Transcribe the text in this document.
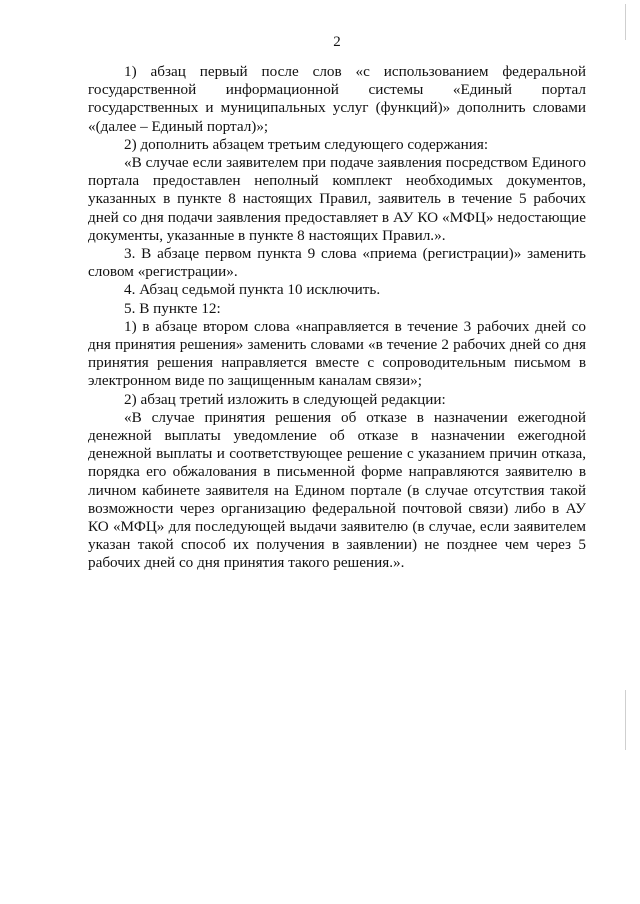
2

1) абзац первый после слов «с использованием федеральной государственной информационной системы «Единый портал государственных и муниципальных услуг (функций)» дополнить словами «(далее – Единый портал)»;

2) дополнить абзацем третьим следующего содержания:

«В случае если заявителем при подаче заявления посредством Единого портала предоставлен неполный комплект необходимых документов, указанных в пункте 8 настоящих Правил, заявитель в течение 5 рабочих дней со дня подачи заявления предоставляет в АУ КО «МФЦ» недостающие документы, указанные в пункте 8 настоящих Правил.».

3. В абзаце первом пункта 9 слова «приема (регистрации)» заменить словом «регистрации».

4. Абзац седьмой пункта 10 исключить.

5. В пункте 12:

1) в абзаце втором слова «направляется в течение 3 рабочих дней со дня принятия решения» заменить словами «в течение 2 рабочих дней со дня принятия решения направляется вместе с сопроводительным письмом в электронном виде по защищенным каналам связи»;

2) абзац третий изложить в следующей редакции:

«В случае принятия решения об отказе в назначении ежегодной денежной выплаты уведомление об отказе в назначении ежегодной денежной выплаты и соответствующее решение с указанием причин отказа, порядка его обжалования в письменной форме направляются заявителю в личном кабинете заявителя на Едином портале (в случае отсутствия такой возможности через организацию федеральной почтовой связи) либо в АУ КО «МФЦ» для последующей выдачи заявителю (в случае, если заявителем указан такой способ их получения в заявлении) не позднее чем через 5 рабочих дней со дня принятия такого решения.».
